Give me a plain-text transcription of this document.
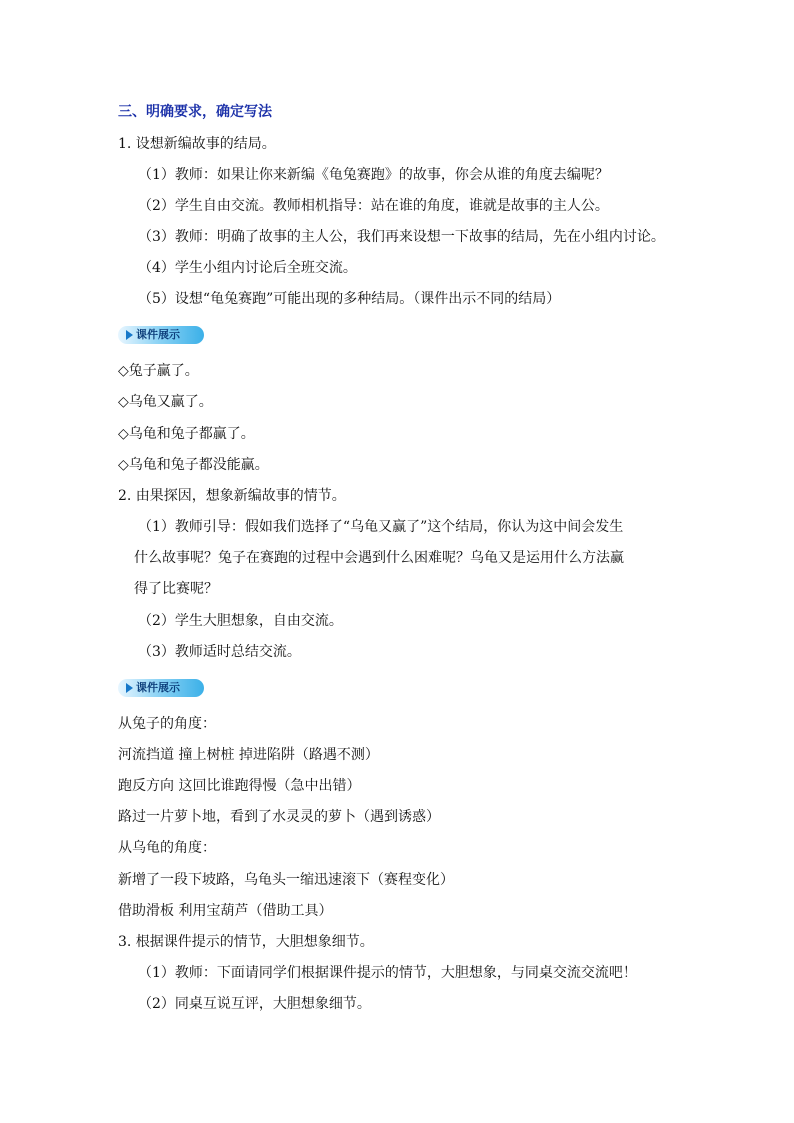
三、明确要求，确定写法
1. 设想新编故事的结局。
（1）教师：如果让你来新编《龟兔赛跑》的故事，你会从谁的角度去编呢？
（2）学生自由交流。教师相机指导：站在谁的角度，谁就是故事的主人公。
（3）教师：明确了故事的主人公，我们再来设想一下故事的结局，先在小组内讨论。
（4）学生小组内讨论后全班交流。
（5）设想“龟兔赛跑”可能出现的多种结局。（课件出示不同的结局）
课件展示
◇兔子赢了。
◇乌龟又赢了。
◇乌龟和兔子都赢了。
◇乌龟和兔子都没能赢。
2. 由果探因，想象新编故事的情节。
（1）教师引导：假如我们选择了“乌龟又赢了”这个结局，你认为这中间会发生
什么故事呢？兔子在赛跑的过程中会遇到什么困难呢？乌龟又是运用什么方法赢
得了比赛呢？
（2）学生大胆想象，自由交流。
（3）教师适时总结交流。
课件展示
从兔子的角度：
河流挡道 撞上树桩 掉进陷阱（路遇不测）
跑反方向 这回比谁跑得慢（急中出错）
路过一片萝卜地，看到了水灵灵的萝卜（遇到诱惑）
从乌龟的角度：
新增了一段下坡路，乌龟头一缩迅速滚下（赛程变化）
借助滑板 利用宝葫芦（借助工具）
3. 根据课件提示的情节，大胆想象细节。
（1）教师：下面请同学们根据课件提示的情节，大胆想象，与同桌交流交流吧！
（2）同桌互说互评，大胆想象细节。
